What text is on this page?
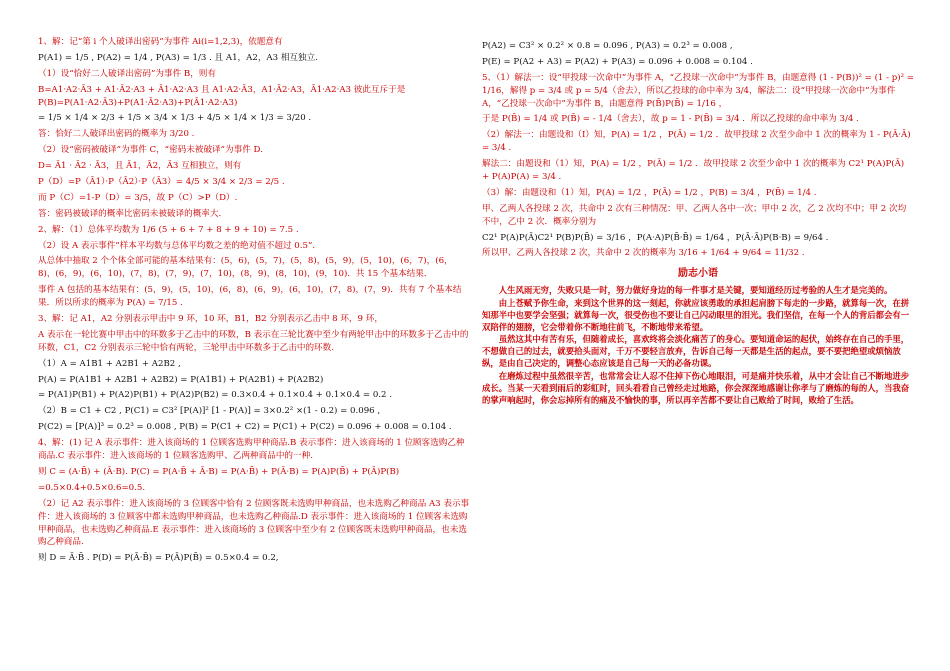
1、解：记“第 i 个人破译出密码”为事件 Ai(i=1,2,3)，依题意有

P(A1) = 1/5 , P(A2) = 1/4 , P(A3) = 1/3 . 且 A1，A2，A3 相互独立.

（1）设“恰好二人破译出密码”为事件 B，则有

B=A1·A2·Ā3 + A1·Ā2·A3 + Ā1·A2·A3 且 A1·A2·Ā3，A1·Ā2·A3，Ā1·A2·A3 彼此互斥于是 P(B)=P(A1·A2·Ā3)+P(A1·Ā2·A3)+P(Ā1·A2·A3)

= 1/5 × 1/4 × 2/3 + 1/5 × 3/4 × 1/3 + 4/5 × 1/4 × 1/3 = 3/20 .

答：恰好二人破译出密码的概率为 3/20 .

（2）设“密码被破译”为事件 C，“密码未被破译”为事件 D.

D= Ā1 · Ā2 · Ā3，且 Ā1，Ā2，Ā3 互相独立，则有

P（D）=P（Ā1）·P（Ā2）·P（Ā3）= 4/5 × 3/4 × 2/3 = 2/5 .

而 P（C）=1-P（D）= 3/5，故 P（C）>P（D）.

答：密码被破译的概率比密码未被破译的概率大.

2、解：（1）总体平均数为 1/6 (5 + 6 + 7 + 8 + 9 + 10) = 7.5 .

（2）设 A 表示事件“样本平均数与总体平均数之差的绝对值不超过 0.5”．

从总体中抽取 2 个个体全部可能的基本结果有：(5，6)，(5，7)，(5，8)，(5，9)，(5，10)，(6，7)，(6，8)，(6，9)，(6，10)，(7，8)，(7，9)，(7，10)，(8，9)，(8，10)，(9，10)．共 15 个基本结果．

事件 A 包括的基本结果有：(5，9)，(5，10)，(6，8)，(6，9)，(6，10)，(7，8)，(7，9)．共有 7 个基本结果．所以所求的概率为 P(A) = 7/15 .

3、解：记 A1，A2 分别表示甲击中 9 环，10 环，B1，B2 分别表示乙击中 8 环，9 环，

A 表示在一轮比赛中甲击中的环数多于乙击中的环数，B 表示在三轮比赛中至少有两轮甲击中的环数多于乙击中的环数，C1，C2 分别表示三轮中恰有两轮，三轮甲击中环数多于乙击中的环数.

（1）A = A1B1 + A2B1 + A2B2 ,

P(A) = P(A1B1 + A2B1 + A2B2) = P(A1B1) + P(A2B1) + P(A2B2)

= P(A1)P(B1) + P(A2)P(B1) + P(A2)P(B2) = 0.3×0.4 + 0.1×0.4 + 0.1×0.4 = 0.2 .

（2）B = C1 + C2 , P(C1) = C3² [P(A)]² [1 - P(A)] = 3×0.2² ×(1 - 0.2) = 0.096 ,

P(C2) = [P(A)]³ = 0.2³ = 0.008 , P(B) = P(C1 + C2) = P(C1) + P(C2) = 0.096 + 0.008 = 0.104 .

4、解：(1) 记 A 表示事件：进入该商场的 1 位顾客选购甲种商品.B 表示事件：进入该商场的 1 位顾客选购乙种商品.C 表示事件：进入该商场的 1 位顾客选购甲、乙两种商品中的一种.

则 C = (A·B̄) + (Ā·B). P(C) = P(A·B̄ + Ā·B) = P(A·B̄) + P(Ā·B) = P(A)P(B̄) + P(Ā)P(B)

=0.5×0.4+0.5×0.6=0.5.

（2）记 A2 表示事件：进入该商场的 3 位顾客中恰有 2 位顾客既未选购甲种商品，也未选购乙种商品 A3 表示事件：进入该商场的 3 位顾客中都未选购甲种商品，也未选购乙种商品.D 表示事件：进入该商场的 1 位顾客未选购甲种商品，也未选购乙种商品.E 表示事件：进入该商场的 3 位顾客中至少有 2 位顾客既未选购甲种商品，也未选购乙种商品.

则 D = Ā·B̄ . P(D) = P(Ā·B̄) = P(Ā)P(B̄) = 0.5×0.4 = 0.2,

P(A2) = C3² × 0.2² × 0.8 = 0.096 , P(A3) = 0.2³ = 0.008 ,

P(E) = P(A2 + A3) = P(A2) + P(A3) = 0.096 + 0.008 = 0.104 .

5、（1）解法一：设“甲投球一次命中”为事件 A，“乙投球一次命中”为事件 B，由题意得 (1 - P(B))² = (1 - p)² = 1/16，解得 p = 3/4 或 p = 5/4（舍去），所以乙投球的命中率为 3/4，解法二：设“甲投球一次命中”为事件 A，“乙投球一次命中”为事件 B，由题意得 P(B̄)P(B̄) = 1/16 ，

于是 P(B̄) = 1/4 或 P(B̄) = - 1/4（舍去），故 p = 1 - P(B̄) = 3/4 ．所以乙投球的命中率为 3/4 .

（2）解法一：由题设和（Ⅰ）知，P(A) = 1/2 ，P(Ā) = 1/2 ．故甲投球 2 次至少命中 1 次的概率为 1 - P(Ā·Ā) = 3/4 .

解法二：由题设和（1）知，P(A) = 1/2 ，P(Ā) = 1/2 ．故甲投球 2 次至少命中 1 次的概率为 C2¹ P(A)P(Ā) + P(A)P(A) = 3/4 .

（3）解：由题设和（1）知，P(A) = 1/2 ，P(Ā) = 1/2 ，P(B) = 3/4 ，P(B̄) = 1/4 .

甲、乙两人各投球 2 次，共命中 2 次有三种情况：甲、乙两人各中一次；甲中 2 次，乙 2 次均不中；甲 2 次均不中，乙中 2 次．概率分别为

C2¹ P(A)P(Ā)C2¹ P(B)P(B̄) = 3/16 ，P(A·A)P(B̄·B̄) = 1/64 ，P(Ā·Ā)P(B·B) = 9/64 .

所以甲、乙两人各投球 2 次，共命中 2 次的概率为 3/16 + 1/64 + 9/64 = 11/32 .

励志小语

人生风雨无穷，失败只是一时，努力做好身边的每一件事才是关键，要知道经历过考验的人生才是完美的。

由上苍赋予你生命，来到这个世界的这一刻起，你就应该勇敢的承担起肩膀下每走的一步路，就算每一次，在拼知那半中也要学会坚强；就算每一次，很受伤也不要让自己闪动眼里的泪光。我们坚信，在每一个人的背后都会有一双陪伴的翅膀，它会带着你不断地往前飞，不断地带来希望。

虽然这其中有苦有乐，但随着成长，喜欢终将会淡化痛苦了的身心。要知道命运的起伏，始终存在自己的手里，不想做自己的过去，就要拾头面对，千万不要轻言放弃，告诉自己每一天都是生活的起点，要不要把绝望或烦恼放纵，是由自己决定的，调整心态应该是自己每一天的必备功课。

在磨炼过程中虽然很辛苦，也常常会让人忍不住掉下伤心地眼泪，可是痛并快乐着，从中才会让自己不断地进步成长。当某一天看到雨后的彩虹时，回头看看自己曾经走过地路，你会深深地感谢让你孝与了磨炼的每的人，当我奋的掌声响起时，你会忘掉所有的痛及不愉快的事，所以再辛苦都不要让自己败给了时间，败给了生活。
